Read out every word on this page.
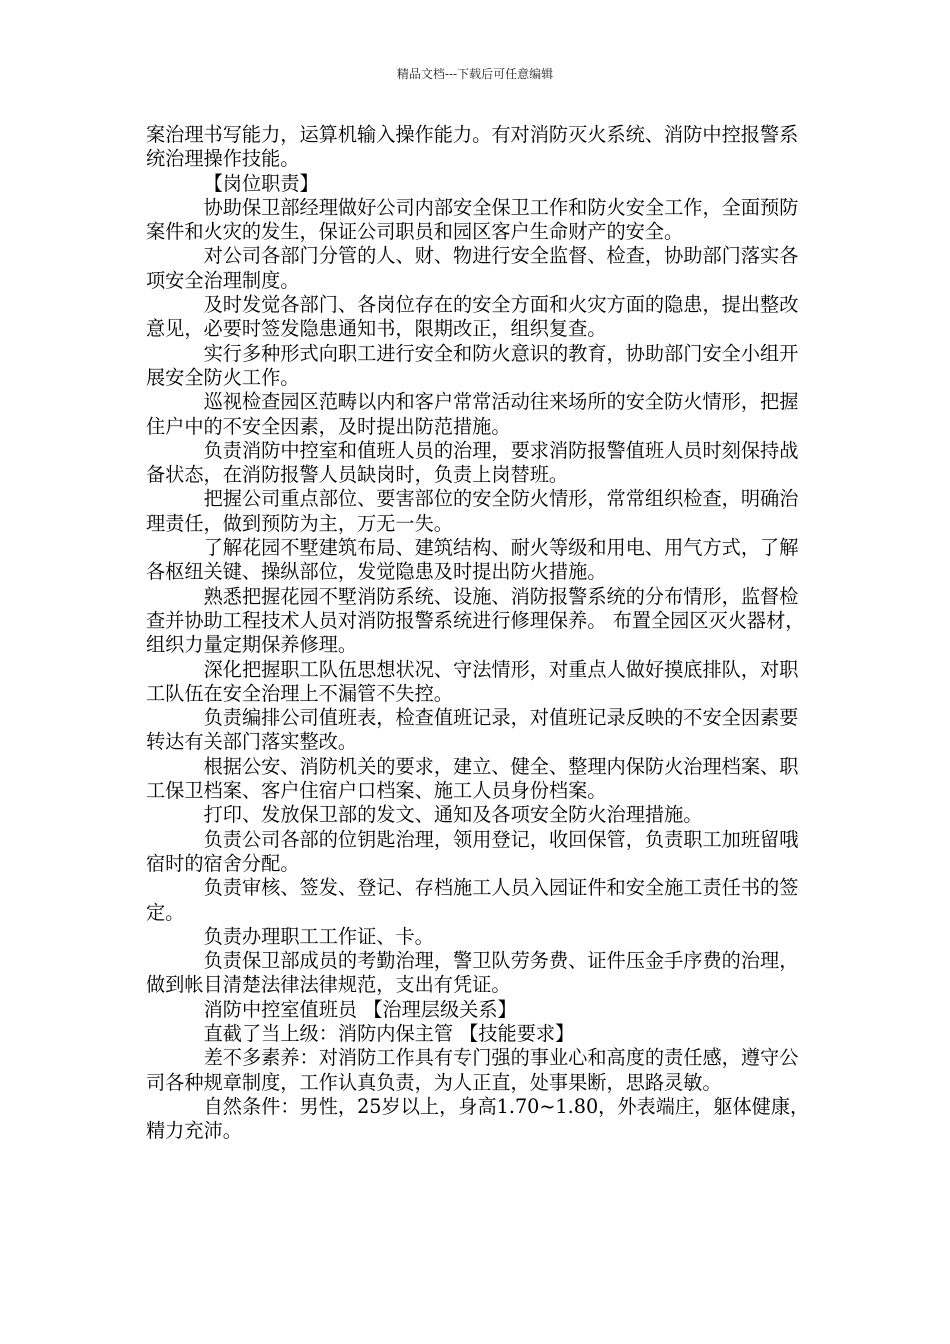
精品文档---下载后可任意编辑

案治理书写能力，运算机输入操作能力。有对消防灭火系统、消防中控报警系统治理操作技能。

【岗位职责】

协助保卫部经理做好公司内部安全保卫工作和防火安全工作，全面预防案件和火灾的发生，保证公司职员和园区客户生命财产的安全。

对公司各部门分管的人、财、物进行安全监督、检查，协助部门落实各项安全治理制度。

及时发觉各部门、各岗位存在的安全方面和火灾方面的隐患，提出整改意见，必要时签发隐患通知书，限期改正，组织复查。

实行多种形式向职工进行安全和防火意识的教育，协助部门安全小组开展安全防火工作。

巡视检查园区范畴以内和客户常常活动往来场所的安全防火情形，把握住户中的不安全因素，及时提出防范措施。

负责消防中控室和值班人员的治理，要求消防报警值班人员时刻保持战备状态，在消防报警人员缺岗时，负责上岗替班。

把握公司重点部位、要害部位的安全防火情形，常常组织检查，明确治理责任，做到预防为主，万无一失。

了解花园不墅建筑布局、建筑结构、耐火等级和用电、用气方式，了解各枢纽关键、操纵部位，发觉隐患及时提出防火措施。

熟悉把握花园不墅消防系统、设施、消防报警系统的分布情形，监督检查并协助工程技术人员对消防报警系统进行修理保养。 布置全园区灭火器材，组织力量定期保养修理。

深化把握职工队伍思想状况、守法情形，对重点人做好摸底排队，对职工队伍在安全治理上不漏管不失控。

负责编排公司值班表，检查值班记录，对值班记录反映的不安全因素要转达有关部门落实整改。

根据公安、消防机关的要求，建立、健全、整理内保防火治理档案、职工保卫档案、客户住宿户口档案、施工人员身份档案。

打印、发放保卫部的发文、通知及各项安全防火治理措施。

负责公司各部的位钥匙治理，领用登记，收回保管，负责职工加班留哦宿时的宿舍分配。

负责审核、签发、登记、存档施工人员入园证件和安全施工责任书的签定。

负责办理职工工作证、卡。

负责保卫部成员的考勤治理，警卫队劳务费、证件压金手序费的治理，做到帐目清楚法律法律规范，支出有凭证。

消防中控室值班员 【治理层级关系】

直截了当上级：消防内保主管 【技能要求】

差不多素养：对消防工作具有专门强的事业心和高度的责任感，遵守公司各种规章制度，工作认真负责，为人正直，处事果断，思路灵敏。

自然条件：男性，25岁以上，身高1.70~1.80，外表端庄，躯体健康，精力充沛。
